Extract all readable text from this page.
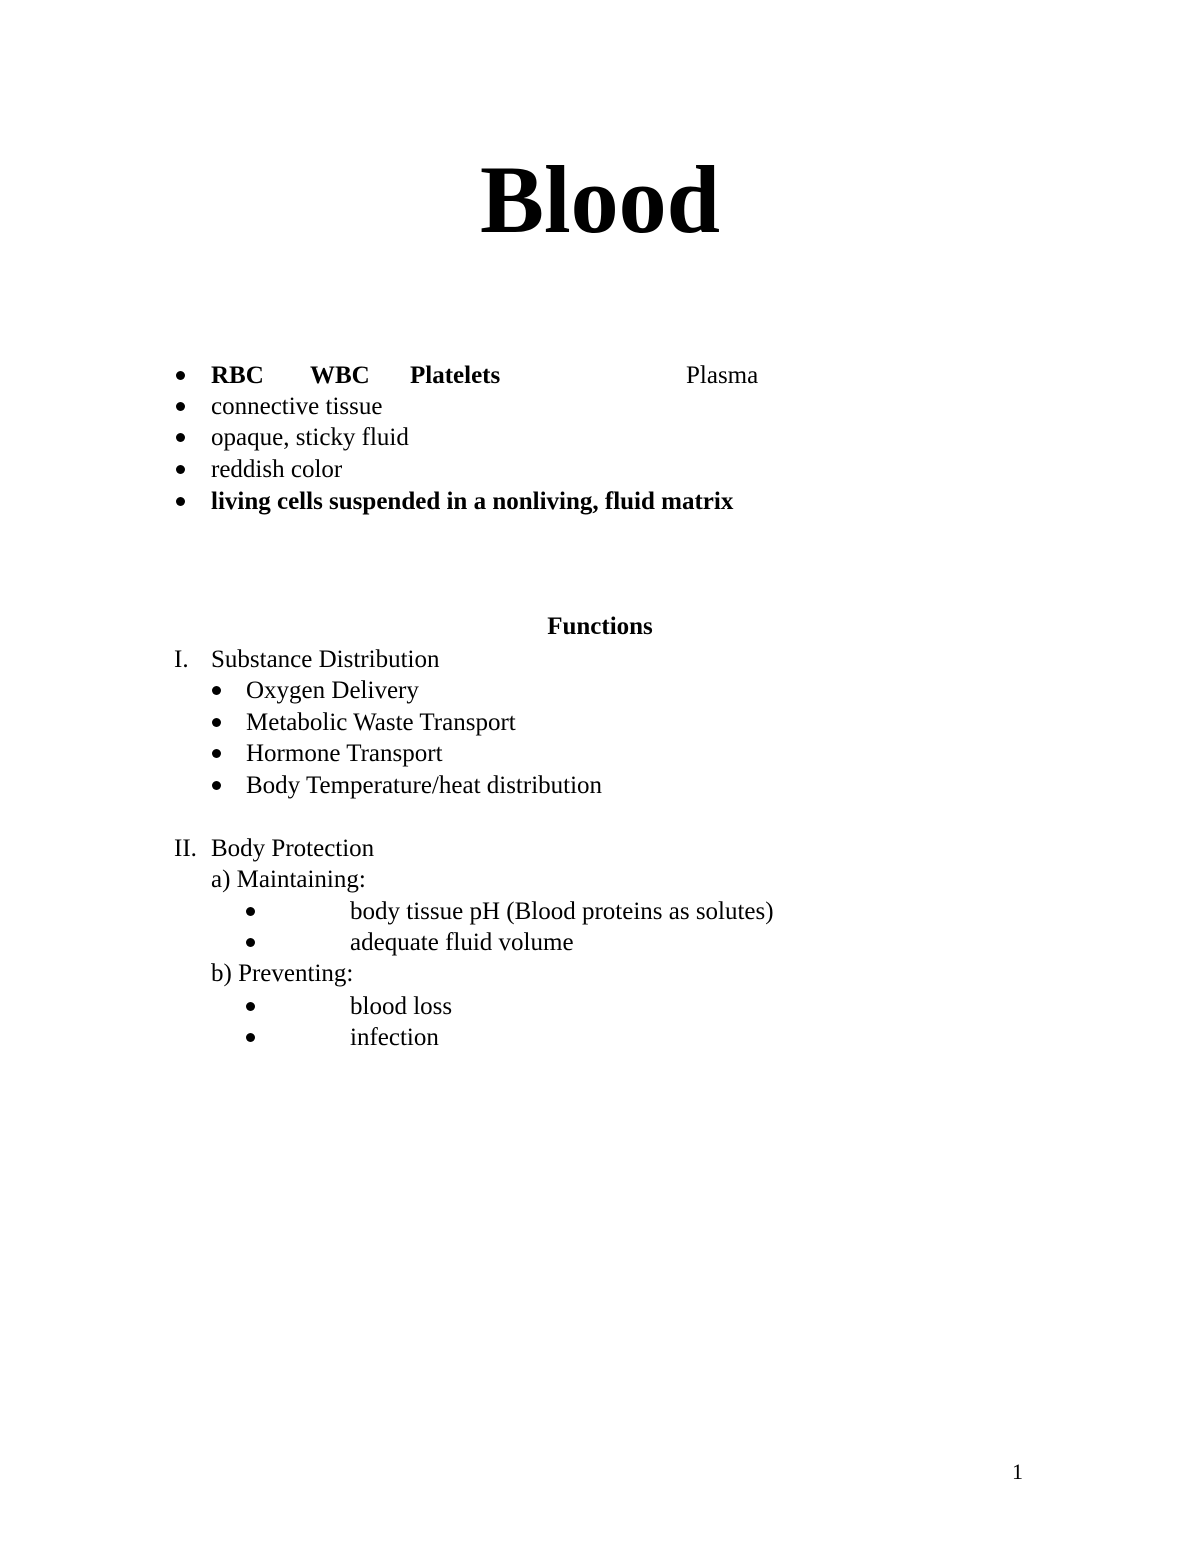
Blood
RBC WBC Platelets	Plasma
connective tissue
opaque, sticky fluid
reddish color
living cells suspended in a nonliving, fluid matrix
Functions
I. Substance Distribution
Oxygen Delivery
Metabolic Waste Transport
Hormone Transport
Body Temperature/heat distribution
II. Body Protection
a) Maintaining:
body tissue pH (Blood proteins as solutes)
adequate fluid volume
b) Preventing:
blood loss
infection
1
